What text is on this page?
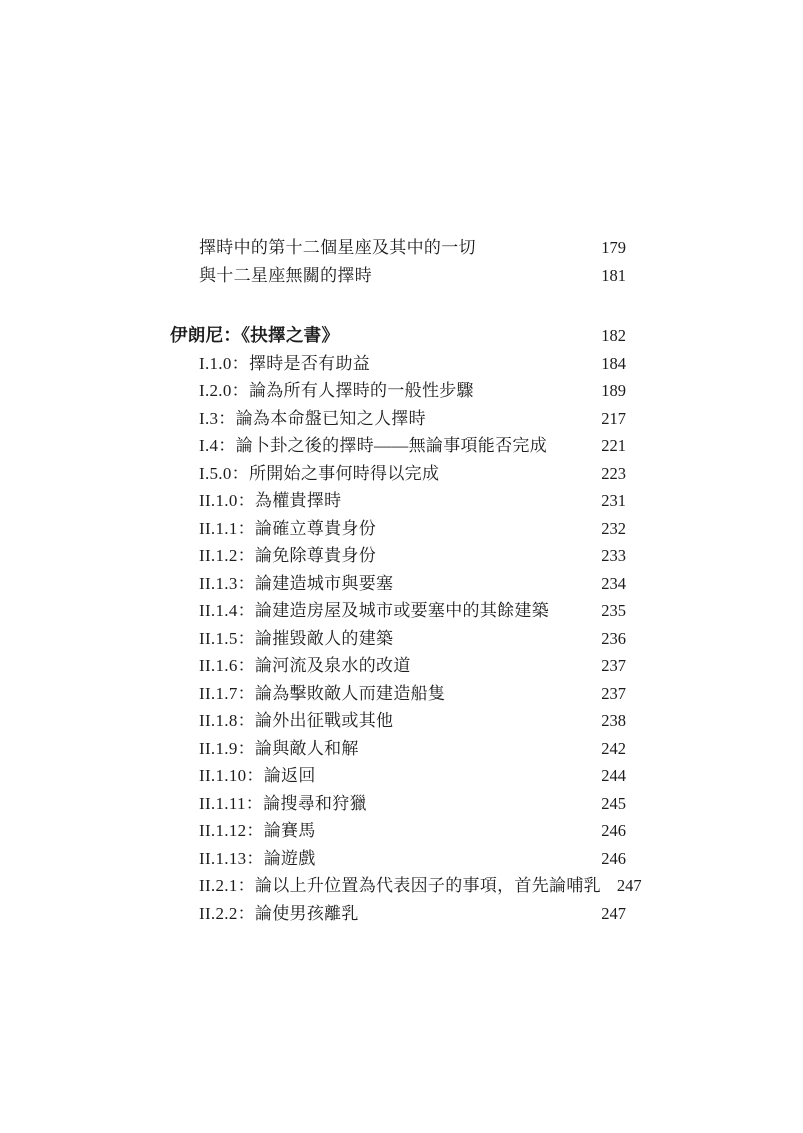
擇時中的第十二個星座及其中的一切	179
與十二星座無關的擇時	181
伊朗尼：《抉擇之書》	182
I.1.0：擇時是否有助益	184
I.2.0：論為所有人擇時的一般性步驟	189
I.3：論為本命盤已知之人擇時	217
I.4：論卜卦之後的擇時——無論事項能否完成	221
I.5.0：所開始之事何時得以完成	223
II.1.0：為權貴擇時	231
II.1.1：論確立尊貴身份	232
II.1.2：論免除尊貴身份	233
II.1.3：論建造城市與要塞	234
II.1.4：論建造房屋及城市或要塞中的其餘建築	235
II.1.5：論摧毀敵人的建築	236
II.1.6：論河流及泉水的改道	237
II.1.7：論為擊敗敵人而建造船隻	237
II.1.8：論外出征戰或其他	238
II.1.9：論與敵人和解	242
II.1.10：論返回	244
II.1.11：論搜尋和狩獵	245
II.1.12：論賽馬	246
II.1.13：論遊戲	246
II.2.1：論以上升位置為代表因子的事項，首先論哺乳 247
II.2.2：論使男孩離乳	247
